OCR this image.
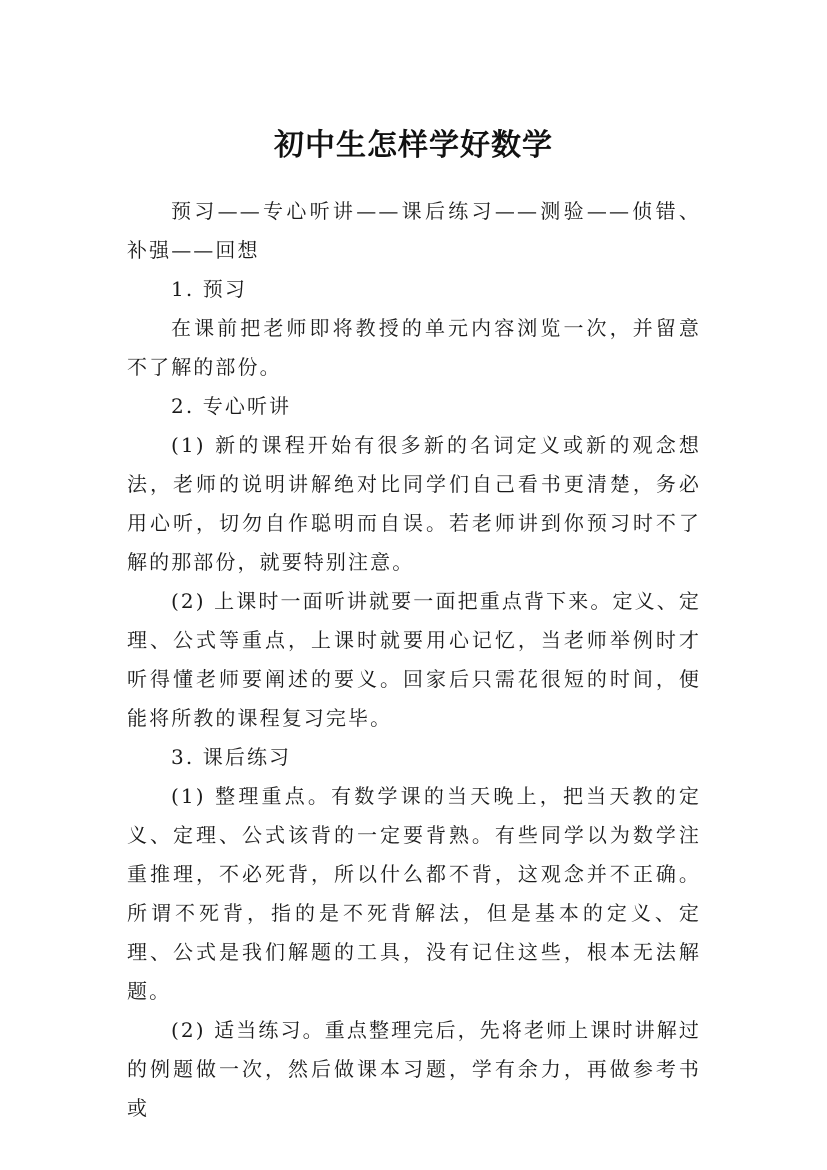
初中生怎样学好数学

预习——专心听讲——课后练习——测验——侦错、补强——回想

1. 预习

在课前把老师即将教授的单元内容浏览一次，并留意不了解的部份。

2. 专心听讲

(1) 新的课程开始有很多新的名词定义或新的观念想法，老师的说明讲解绝对比同学们自己看书更清楚，务必用心听，切勿自作聪明而自误。若老师讲到你预习时不了解的那部份，就要特别注意。

(2) 上课时一面听讲就要一面把重点背下来。定义、定理、公式等重点，上课时就要用心记忆，当老师举例时才听得懂老师要阐述的要义。回家后只需花很短的时间，便能将所教的课程复习完毕。

3. 课后练习

(1) 整理重点。有数学课的当天晚上，把当天教的定义、定理、公式该背的一定要背熟。有些同学以为数学注重推理，不必死背，所以什么都不背，这观念并不正确。所谓不死背，指的是不死背解法，但是基本的定义、定理、公式是我们解题的工具，没有记住这些，根本无法解题。

(2) 适当练习。重点整理完后，先将老师上课时讲解过的例题做一次，然后做课本习题，学有余力，再做参考书或
